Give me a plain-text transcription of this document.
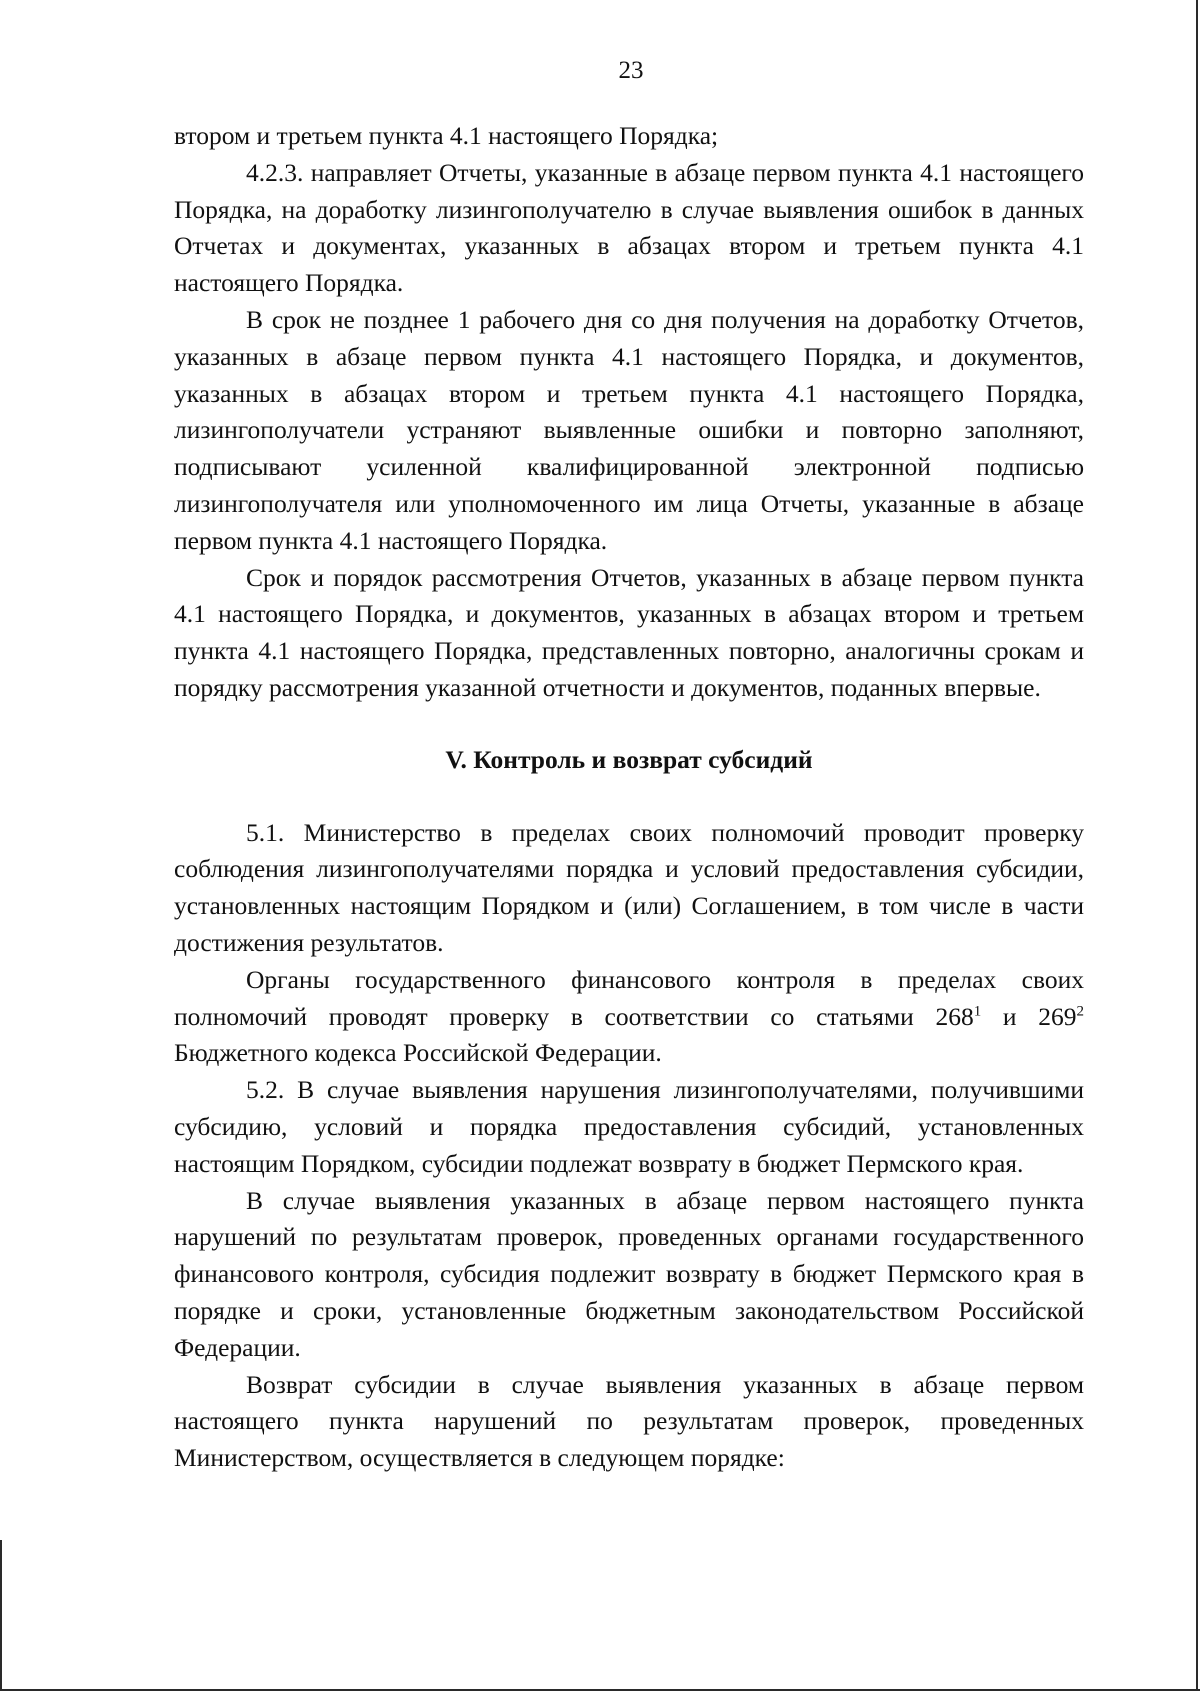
23

втором и третьем пункта 4.1 настоящего Порядка;

4.2.3. направляет Отчеты, указанные в абзаце первом пункта 4.1 настоящего Порядка, на доработку лизингополучателю в случае выявления ошибок в данных Отчетах и документах, указанных в абзацах втором и третьем пункта 4.1 настоящего Порядка.

В срок не позднее 1 рабочего дня со дня получения на доработку Отчетов, указанных в абзаце первом пункта 4.1 настоящего Порядка, и документов, указанных в абзацах втором и третьем пункта 4.1 настоящего Порядка, лизингополучатели устраняют выявленные ошибки и повторно заполняют, подписывают усиленной квалифицированной электронной подписью лизингополучателя или уполномоченного им лица Отчеты, указанные в абзаце первом пункта 4.1 настоящего Порядка.

Срок и порядок рассмотрения Отчетов, указанных в абзаце первом пункта 4.1 настоящего Порядка, и документов, указанных в абзацах втором и третьем пункта 4.1 настоящего Порядка, представленных повторно, аналогичны срокам и порядку рассмотрения указанной отчетности и документов, поданных впервые.

V. Контроль и возврат субсидий

5.1. Министерство в пределах своих полномочий проводит проверку соблюдения лизингополучателями порядка и условий предоставления субсидии, установленных настоящим Порядком и (или) Соглашением, в том числе в части достижения результатов.

Органы государственного финансового контроля в пределах своих полномочий проводят проверку в соответствии со статьями $268^1$ и $269^2$ Бюджетного кодекса Российской Федерации.

5.2. В случае выявления нарушения лизингополучателями, получившими субсидию, условий и порядка предоставления субсидий, установленных настоящим Порядком, субсидии подлежат возврату в бюджет Пермского края.

В случае выявления указанных в абзаце первом настоящего пункта нарушений по результатам проверок, проведенных органами государственного финансового контроля, субсидия подлежит возврату в бюджет Пермского края в порядке и сроки, установленные бюджетным законодательством Российской Федерации.

Возврат субсидии в случае выявления указанных в абзаце первом настоящего пункта нарушений по результатам проверок, проведенных Министерством, осуществляется в следующем порядке:
